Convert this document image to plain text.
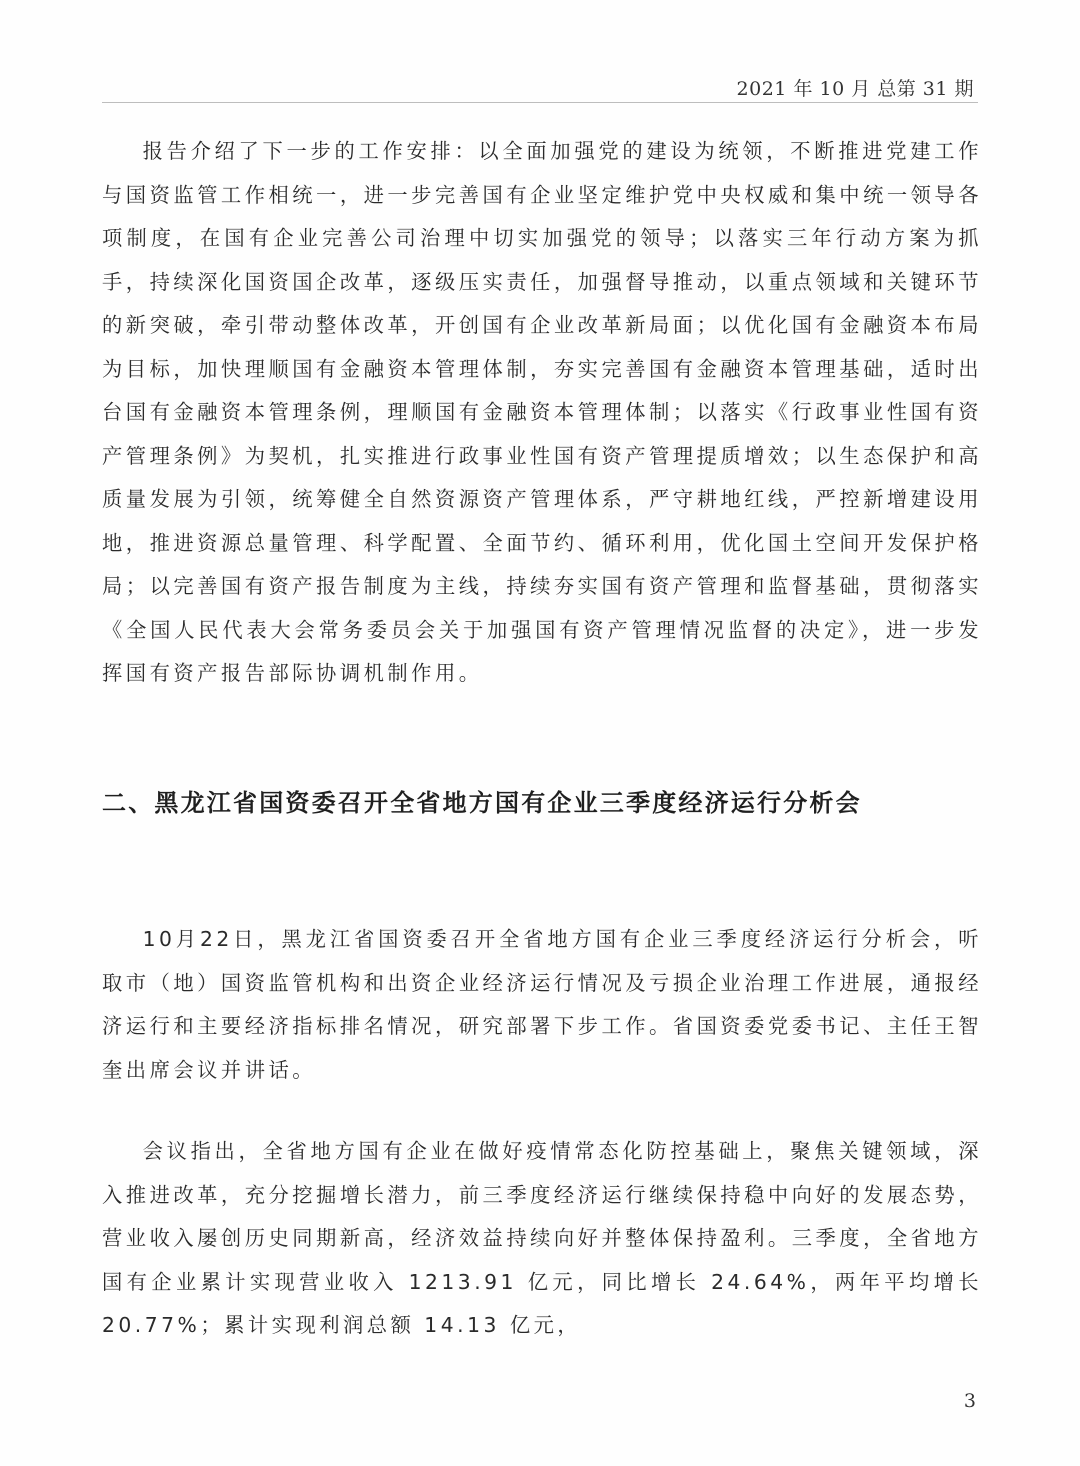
2021 年 10 月 总第 31 期

报告介绍了下一步的工作安排：以全面加强党的建设为统领，不断推进党建工作与国资监管工作相统一，进一步完善国有企业坚定维护党中央权威和集中统一领导各项制度，在国有企业完善公司治理中切实加强党的领导；以落实三年行动方案为抓手，持续深化国资国企改革，逐级压实责任，加强督导推动，以重点领域和关键环节的新突破，牵引带动整体改革，开创国有企业改革新局面；以优化国有金融资本布局为目标，加快理顺国有金融资本管理体制，夯实完善国有金融资本管理基础，适时出台国有金融资本管理条例，理顺国有金融资本管理体制；以落实《行政事业性国有资产管理条例》为契机，扎实推进行政事业性国有资产管理提质增效；以生态保护和高质量发展为引领，统筹健全自然资源资产管理体系，严守耕地红线，严控新增建设用地，推进资源总量管理、科学配置、全面节约、循环利用，优化国土空间开发保护格局；以完善国有资产报告制度为主线，持续夯实国有资产管理和监督基础，贯彻落实《全国人民代表大会常务委员会关于加强国有资产管理情况监督的决定》，进一步发挥国有资产报告部际协调机制作用。

二、黑龙江省国资委召开全省地方国有企业三季度经济运行分析会

10月22日，黑龙江省国资委召开全省地方国有企业三季度经济运行分析会，听取市（地）国资监管机构和出资企业经济运行情况及亏损企业治理工作进展，通报经济运行和主要经济指标排名情况，研究部署下步工作。省国资委党委书记、主任王智奎出席会议并讲话。

会议指出，全省地方国有企业在做好疫情常态化防控基础上，聚焦关键领域，深入推进改革，充分挖掘增长潜力，前三季度经济运行继续保持稳中向好的发展态势，营业收入屡创历史同期新高，经济效益持续向好并整体保持盈利。三季度，全省地方国有企业累计实现营业收入 1213.91 亿元，同比增长 24.64%，两年平均增长 20.77%；累计实现利润总额 14.13 亿元，

3
